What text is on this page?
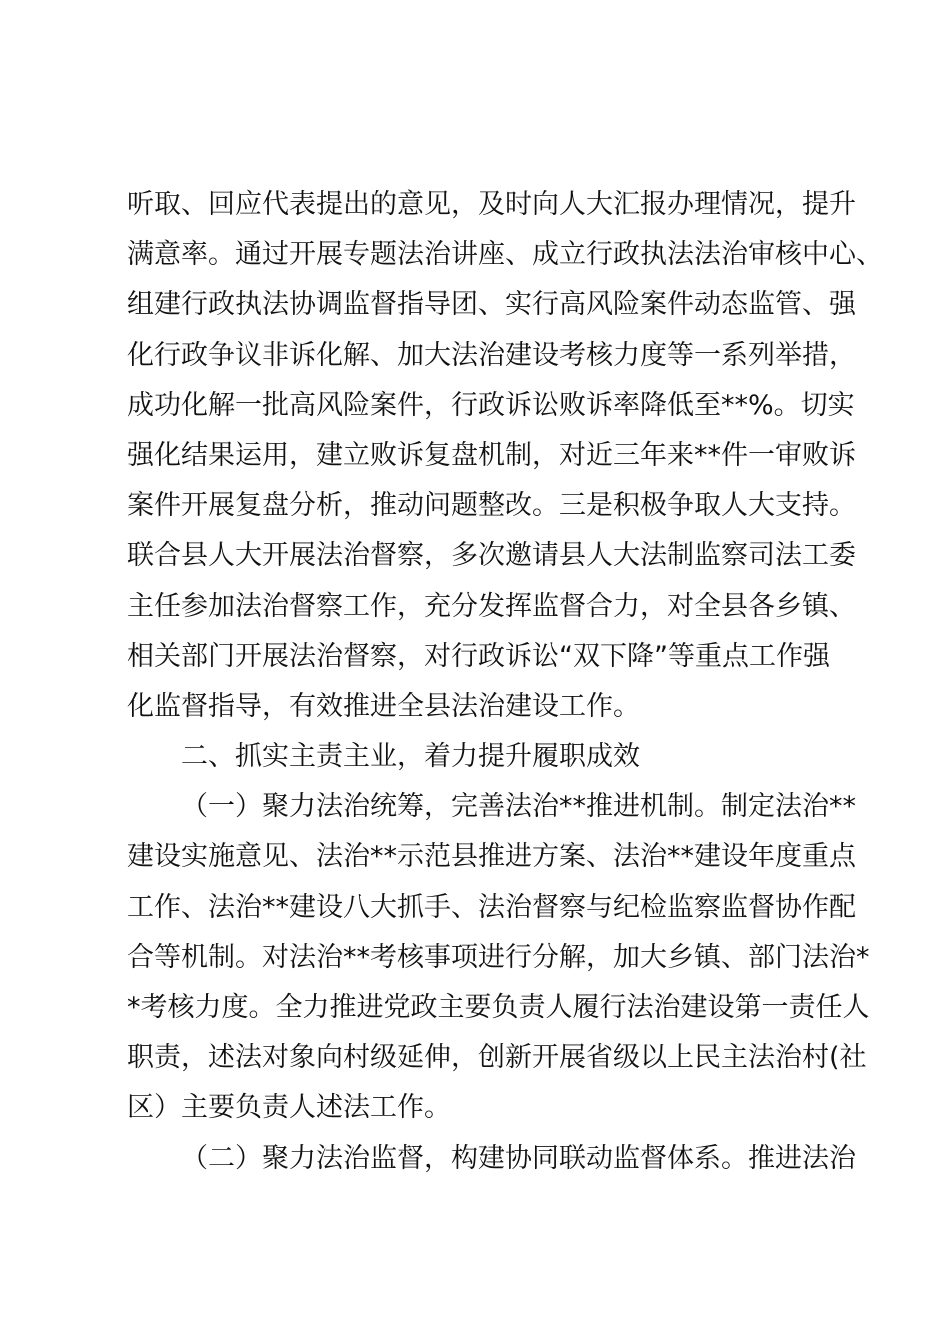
听取、回应代表提出的意见，及时向人大汇报办理情况，提升
满意率。通过开展专题法治讲座、成立行政执法法治审核中心、
组建行政执法协调监督指导团、实行高风险案件动态监管、强
化行政争议非诉化解、加大法治建设考核力度等一系列举措，
成功化解一批高风险案件，行政诉讼败诉率降低至**%。切实
强化结果运用，建立败诉复盘机制，对近三年来**件一审败诉
案件开展复盘分析，推动问题整改。三是积极争取人大支持。
联合县人大开展法治督察，多次邀请县人大法制监察司法工委
主任参加法治督察工作，充分发挥监督合力，对全县各乡镇、
相关部门开展法治督察，对行政诉讼“双下降”等重点工作强
化监督指导，有效推进全县法治建设工作。
二、抓实主责主业，着力提升履职成效
（一）聚力法治统筹，完善法治**推进机制。制定法治**
建设实施意见、法治**示范县推进方案、法治**建设年度重点
工作、法治**建设八大抓手、法治督察与纪检监察监督协作配
合等机制。对法治**考核事项进行分解，加大乡镇、部门法治*
*考核力度。全力推进党政主要负责人履行法治建设第一责任人
职责，述法对象向村级延伸，创新开展省级以上民主法治村(社
区）主要负责人述法工作。
（二）聚力法治监督，构建协同联动监督体系。推进法治
